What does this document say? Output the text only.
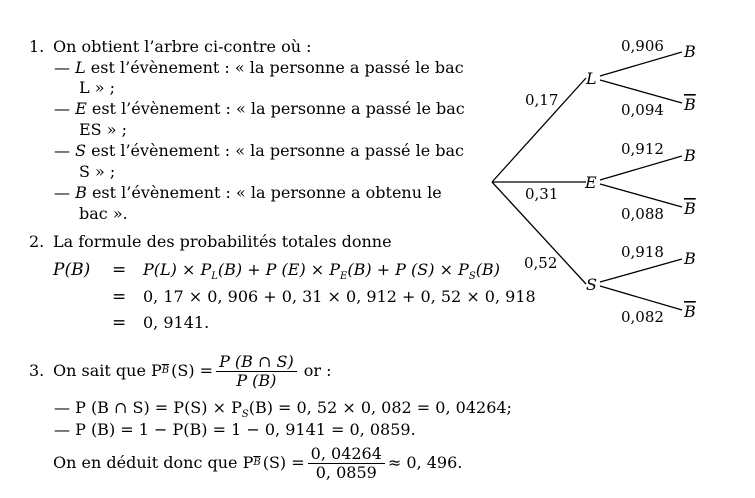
1. On obtient l’arbre ci-contre où :
— L est l’évènement : « la personne a passé le bac
L » ;
— E est l’évènement : « la personne a passé le bac
ES » ;
— S est l’évènement : « la personne a passé le bac
S » ;
— B est l’évènement : « la personne a obtenu le
bac ».
2. La formule des probabilités totales donne
$P(B) = P(L) \times P_L(B) + P$ $(E) \times P_E(B) + P$ $(S) \times P_S(B)$
= 0, 17 × 0, 906 + 0, 31 × 0, 912 + 0, 52 × 0, 918
= 0, 9141.
3. On sait que P $\overline{B}$ $(S) = \frac{P (B \cap S)}{P (B)}$ or :
— P (B ∩ $S) = P(S) \times P_S(B) = 0$, 52 × 0, 082 = 0, 04264;
— P (B) = 1 − P(B) = 1 − 0, 9141 = 0, 0859.
On en déduit donc que P $\overline{B}$ $(S) = \frac{0, 04264}{0, 0859} \approx 0$, 496.
L
E
S
B
B
B
B
B
B
0,17
0,31
0,52
0,906
0,094
0,912
0,088
0,918
0,082
